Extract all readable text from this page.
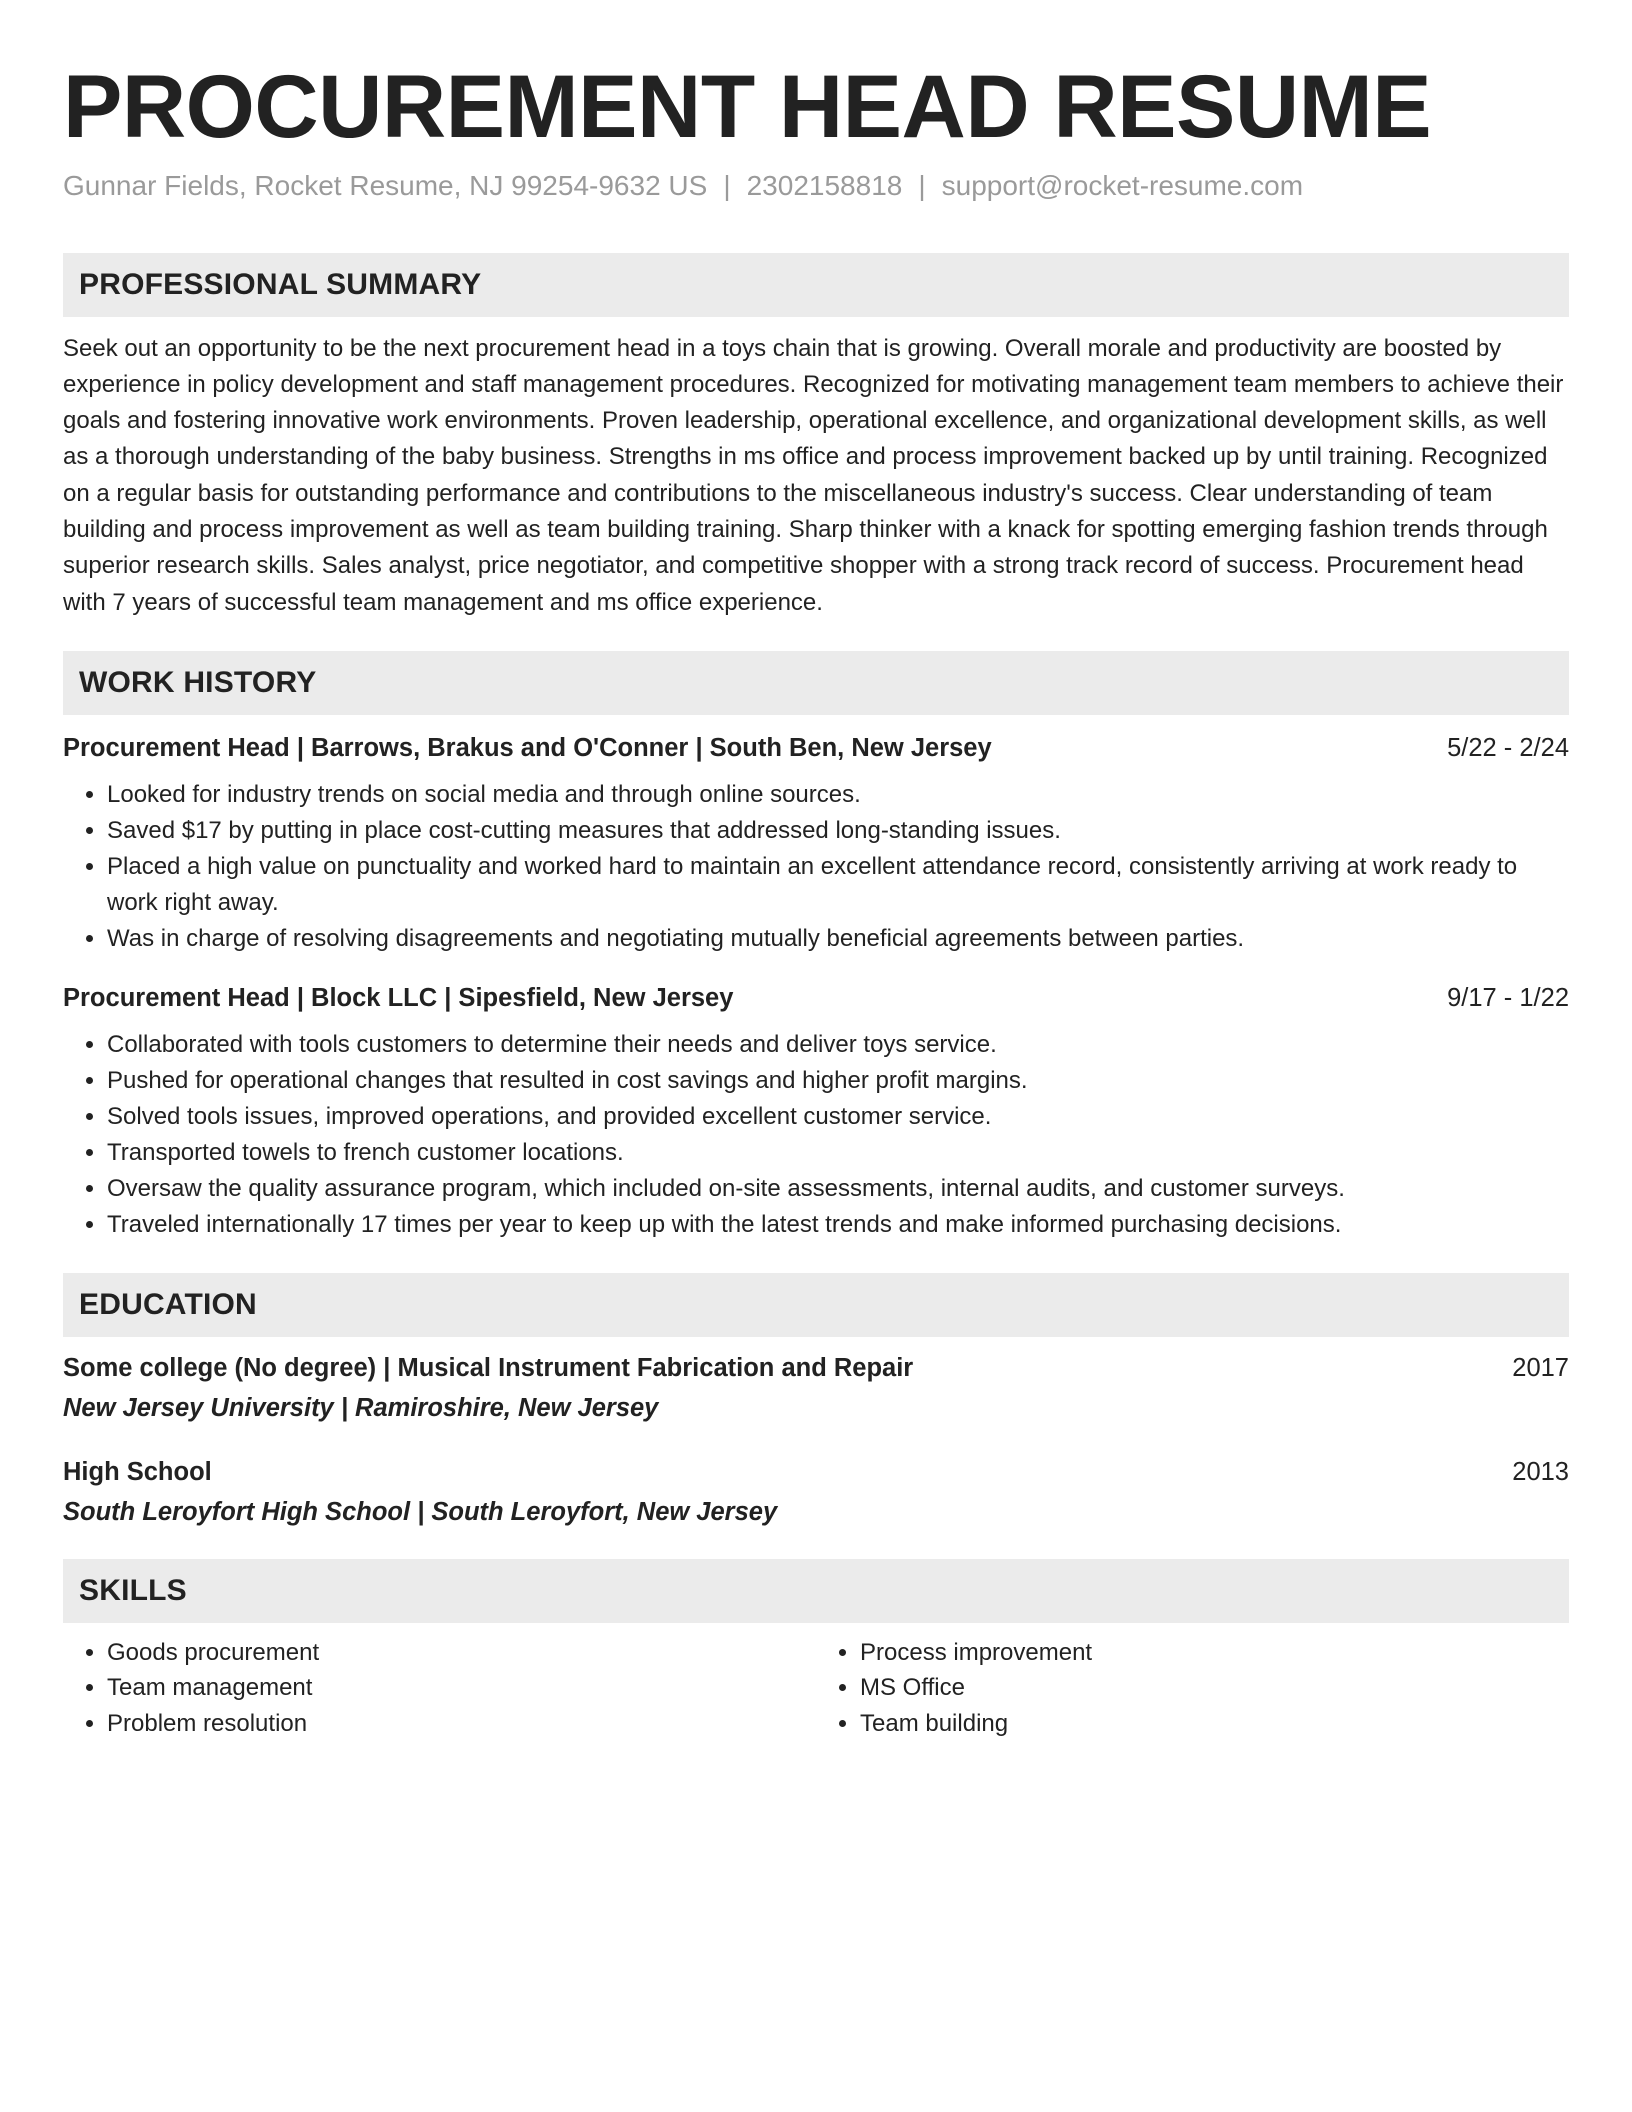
PROCUREMENT HEAD RESUME
Gunnar Fields, Rocket Resume, NJ 99254-9632 US | 2302158818 | support@rocket-resume.com
PROFESSIONAL SUMMARY

Seek out an opportunity to be the next procurement head in a toys chain that is growing. Overall morale and productivity are boosted by experience in policy development and staff management procedures. Recognized for motivating management team members to achieve their goals and fostering innovative work environments. Proven leadership, operational excellence, and organizational development skills, as well as a thorough understanding of the baby business. Strengths in ms office and process improvement backed up by until training. Recognized on a regular basis for outstanding performance and contributions to the miscellaneous industry's success. Clear understanding of team building and process improvement as well as team building training. Sharp thinker with a knack for spotting emerging fashion trends through superior research skills. Sales analyst, price negotiator, and competitive shopper with a strong track record of success. Procurement head with 7 years of successful team management and ms office experience.

WORK HISTORY
Procurement Head | Barrows, Brakus and O'Conner | South Ben, New Jersey	5/22 - 2/24
• Looked for industry trends on social media and through online sources.
• Saved $17 by putting in place cost-cutting measures that addressed long-standing issues.
• Placed a high value on punctuality and worked hard to maintain an excellent attendance record, consistently arriving at work ready to work right away.
• Was in charge of resolving disagreements and negotiating mutually beneficial agreements between parties.
Procurement Head | Block LLC | Sipesfield, New Jersey	9/17 - 1/22
• Collaborated with tools customers to determine their needs and deliver toys service.
• Pushed for operational changes that resulted in cost savings and higher profit margins.
• Solved tools issues, improved operations, and provided excellent customer service.
• Transported towels to french customer locations.
• Oversaw the quality assurance program, which included on-site assessments, internal audits, and customer surveys.
• Traveled internationally 17 times per year to keep up with the latest trends and make informed purchasing decisions.
EDUCATION
Some college (No degree) | Musical Instrument Fabrication and Repair	2017
New Jersey University | Ramiroshire, New Jersey
High School	2013
South Leroyfort High School | South Leroyfort, New Jersey
SKILLS
• Goods procurement
• Team management
• Problem resolution
• Process improvement
• MS Office
• Team building
